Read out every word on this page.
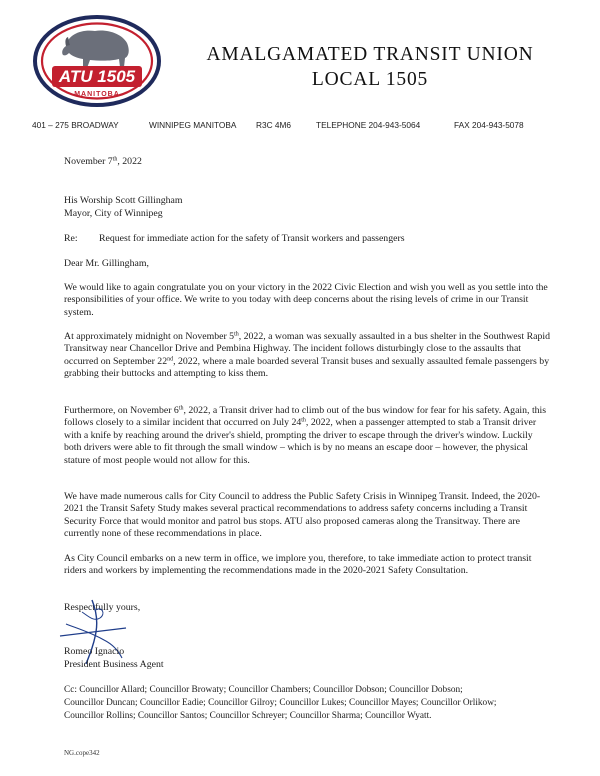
ATU 1505
MANITOBA
AMALGAMATED TRANSIT UNION
LOCAL 1505
401 – 275 BROADWAY	WINNIPEG MANITOBA R3C 4M6	TELEPHONE 204-943-5064	FAX 204-943-5078
November 7th, 2022
His Worship Scott Gillingham
Mayor, City of Winnipeg
Re: Request for immediate action for the safety of Transit workers and passengers
Dear Mr. Gillingham,
We would like to again congratulate you on your victory in the 2022 Civic Election and wish you well as you settle into the responsibilities of your office. We write to you today with deep concerns about the rising levels of crime in our Transit system.
At approximately midnight on November 5th, 2022, a woman was sexually assaulted in a bus shelter in the Southwest Rapid Transitway near Chancellor Drive and Pembina Highway. The incident follows disturbingly close to the assaults that occurred on September 22nd, 2022, where a male boarded several Transit buses and sexually assaulted female passengers by grabbing their buttocks and attempting to kiss them.
Furthermore, on November 6th, 2022, a Transit driver had to climb out of the bus window for fear for his safety. Again, this follows closely to a similar incident that occurred on July 24th, 2022, when a passenger attempted to stab a Transit driver with a knife by reaching around the driver's shield, prompting the driver to escape through the driver's window. Luckily both drivers were able to fit through the small window – which is by no means an escape door – however, the physical stature of most people would not allow for this.
We have made numerous calls for City Council to address the Public Safety Crisis in Winnipeg Transit. Indeed, the 2020-2021 the Transit Safety Study makes several practical recommendations to address safety concerns including a Transit Security Force that would monitor and patrol bus stops. ATU also proposed cameras along the Transitway. There are currently none of these recommendations in place.
As City Council embarks on a new term in office, we implore you, therefore, to take immediate action to protect transit riders and workers by implementing the recommendations made in the 2020-2021 Safety Consultation.
Respectfully yours,
Romeo Ignacio
President Business Agent
Cc: Councillor Allard; Councillor Browaty; Councillor Chambers; Councillor Dobson; Councillor Dobson;
Councillor Duncan; Councillor Eadie; Councillor Gilroy; Councillor Lukes; Councillor Mayes; Councillor Orlikow;
Councillor Rollins; Councillor Santos; Councillor Schreyer; Councillor Sharma; Councillor Wyatt.
NG.cope342
